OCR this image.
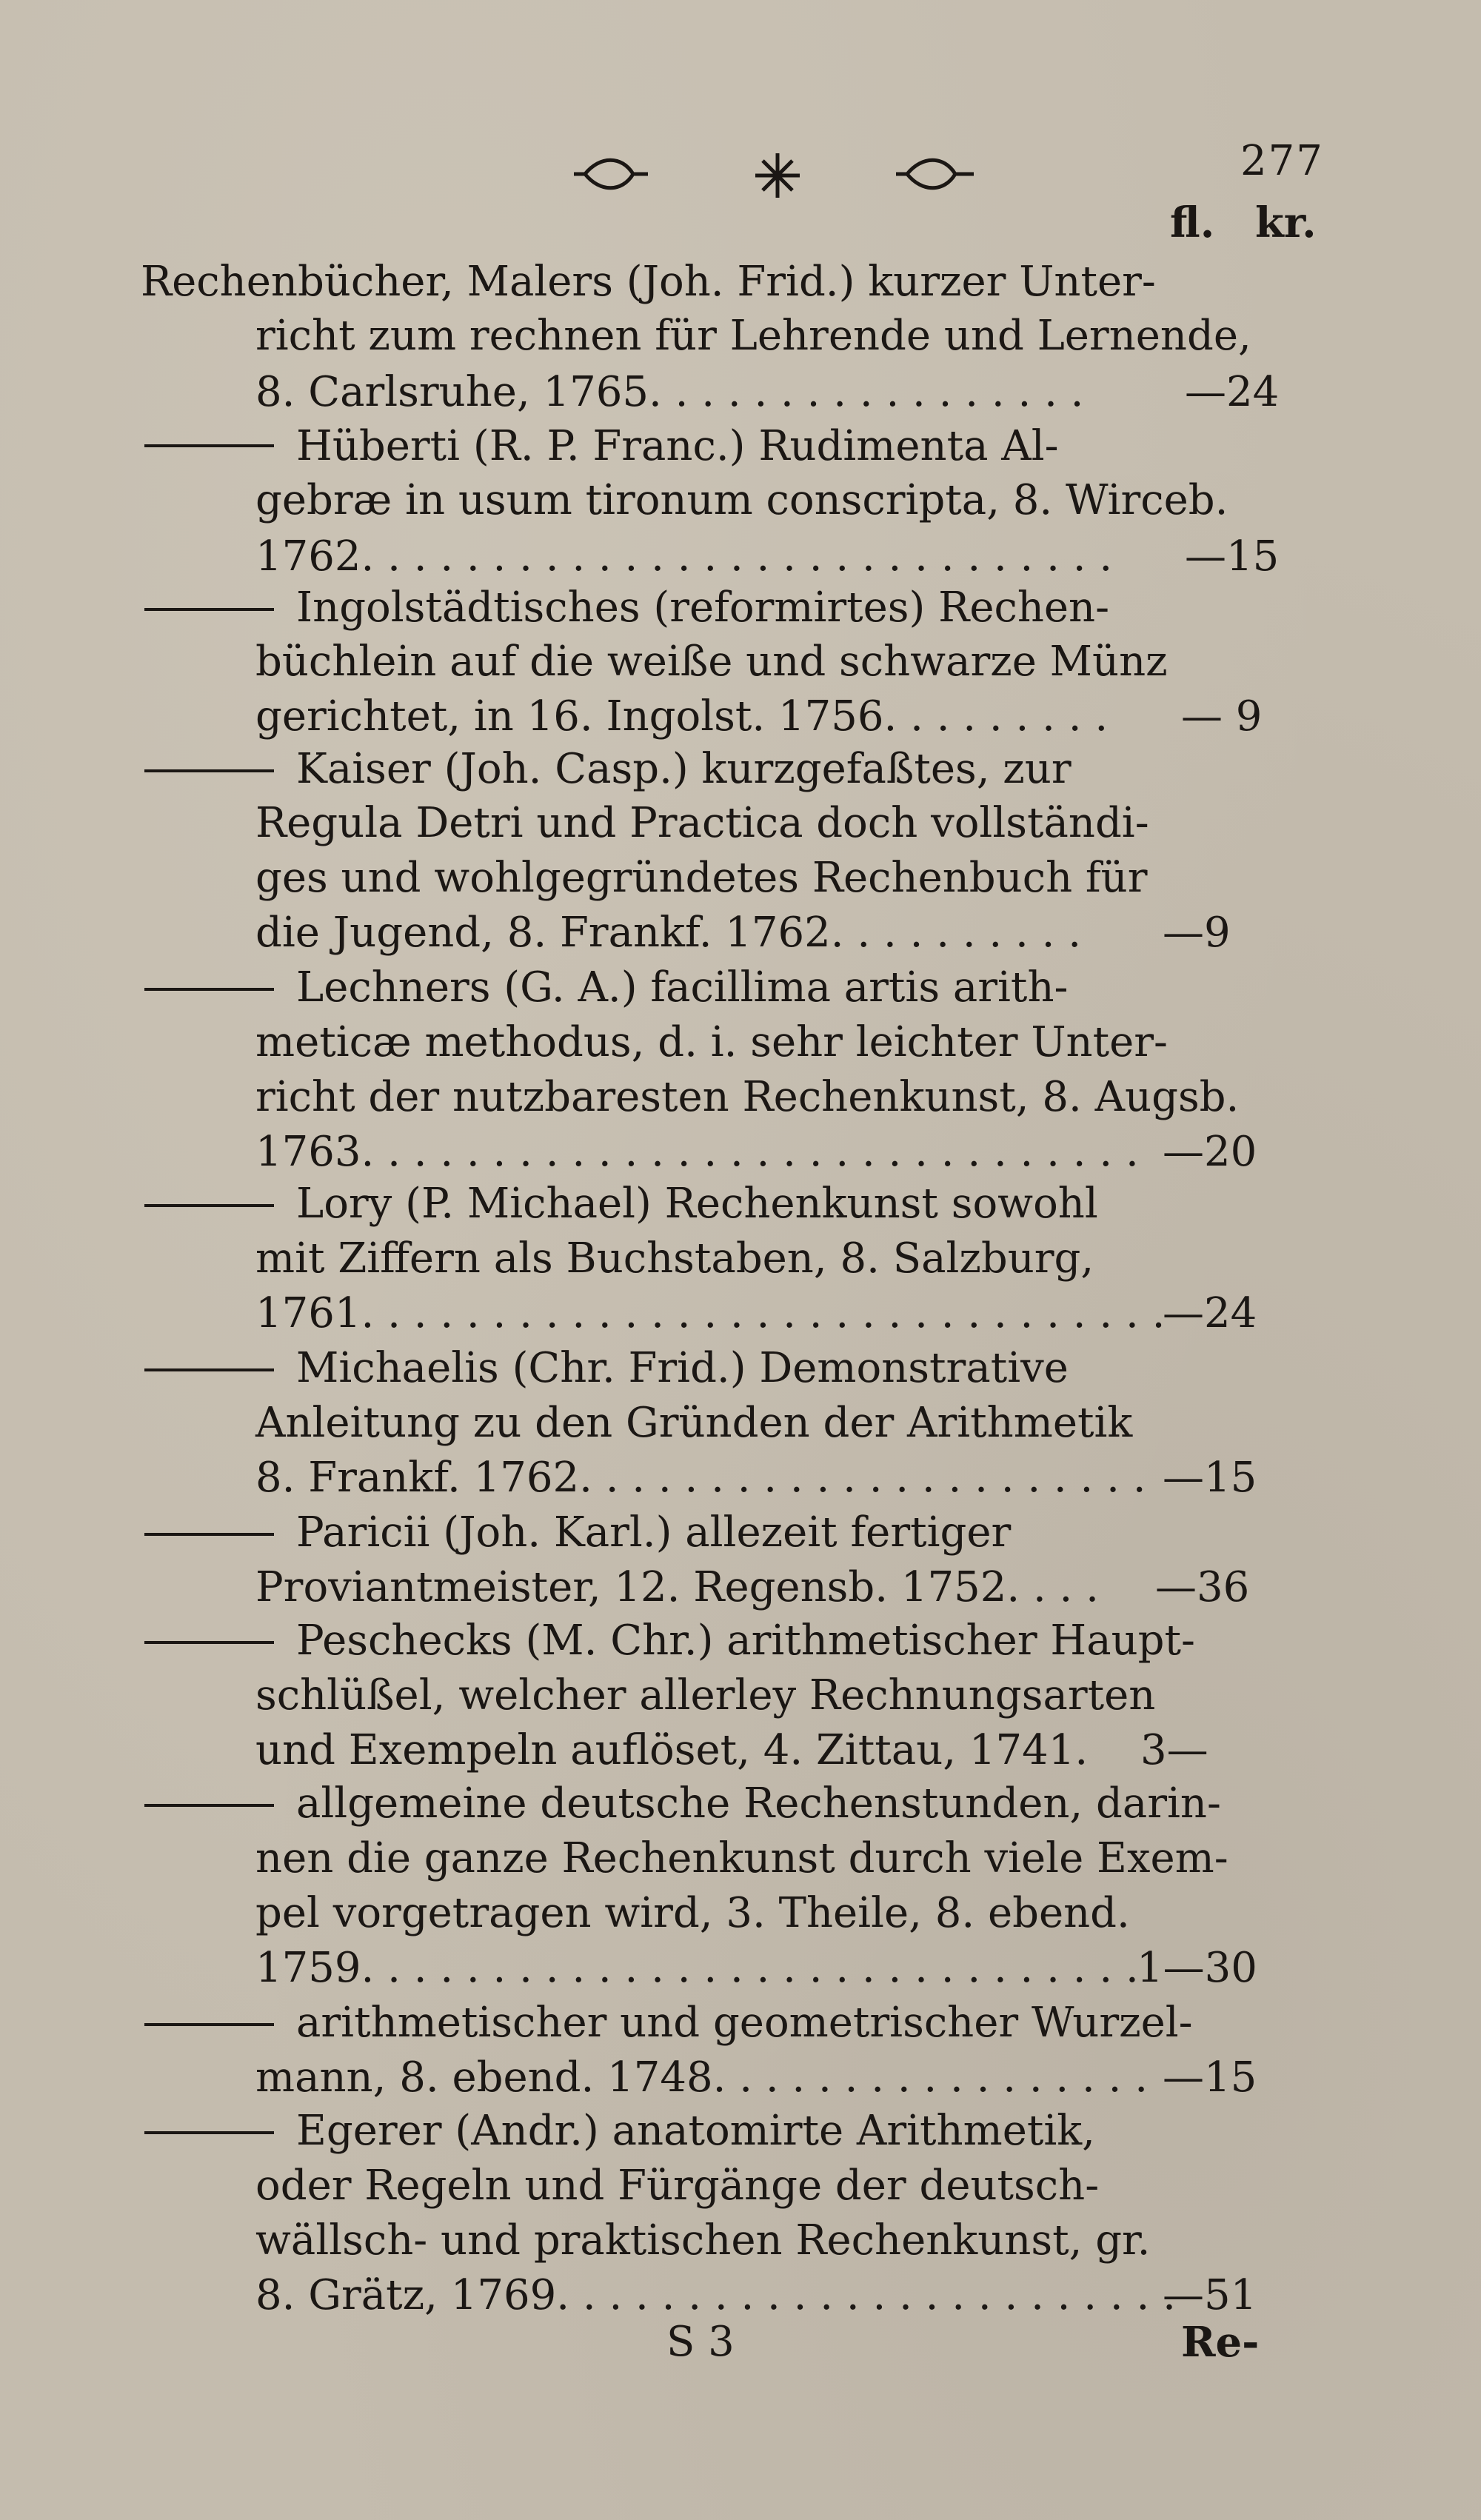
277
fl. kr.
Rechenbücher, Malers (Joh. Frid.) kurzer Unter-
richt zum rechnen für Lehrende und Lernende,
8. Carlsruhe, 1765. . . . . . . . . . . . . . . . . —24
Hüberti (R. P. Franc.) Rudimenta Al-
gebræ in usum tironum conscripta, 8. Wirceb.
1762. . . . . . . . . . . . . . . . . . . . . . . . . . . . . —15
Ingolstädtisches (reformirtes) Rechen-
büchlein auf die weiße und schwarze Münz
gerichtet, in 16. Ingolst. 1756. . . . . . . . . — 9
Kaiser (Joh. Casp.) kurzgefaßtes, zur
Regula Detri und Practica doch vollständi-
ges und wohlgegründetes Rechenbuch für
die Jugend, 8. Frankf. 1762. . . . . . . . . . —9
Lechners (G. A.) facillima artis arith-
meticæ methodus, d. i. sehr leichter Unter-
richt der nutzbaresten Rechenkunst, 8. Augsb.
1763. . . . . . . . . . . . . . . . . . . . . . . . . . . . . . —20
Lory (P. Michael) Rechenkunst sowohl
mit Ziffern als Buchstaben, 8. Salzburg,
1761. . . . . . . . . . . . . . . . . . . . . . . . . . . . . . .
—24
Michaelis (Chr. Frid.) Demonstrative
Anleitung zu den Gründen der Arithmetik
8. Frankf. 1762. . . . . . . . . . . . . . . . . . . . . . —15
Paricii (Joh. Karl.) allezeit fertiger
Proviantmeister, 12. Regensb. 1752. . . . —36
Peschecks (M. Chr.) arithmetischer Haupt-
schlüßel, welcher allerley Rechnungsarten
und Exempeln auflöset, 4. Zittau, 1741. 3—
allgemeine deutsche Rechenstunden, darin-
nen die ganze Rechenkunst durch viele Exem-
pel vorgetragen wird, 3. Theile, 8. ebend.
1759. . . . . . . . . . . . . . . . . . . . . . . . . . . . . .
1—30
arithmetischer und geometrischer Wurzel-
mann, 8. ebend. 1748. . . . . . . . . . . . . . . . . —15
Egerer (Andr.) anatomirte Arithmetik,
oder Regeln und Fürgänge der deutsch-
wällsch- und praktischen Rechenkunst, gr.
8. Grätz, 1769. . . . . . . . . . . . . . . . . . . . . . . .
—51
S 3	Re-
